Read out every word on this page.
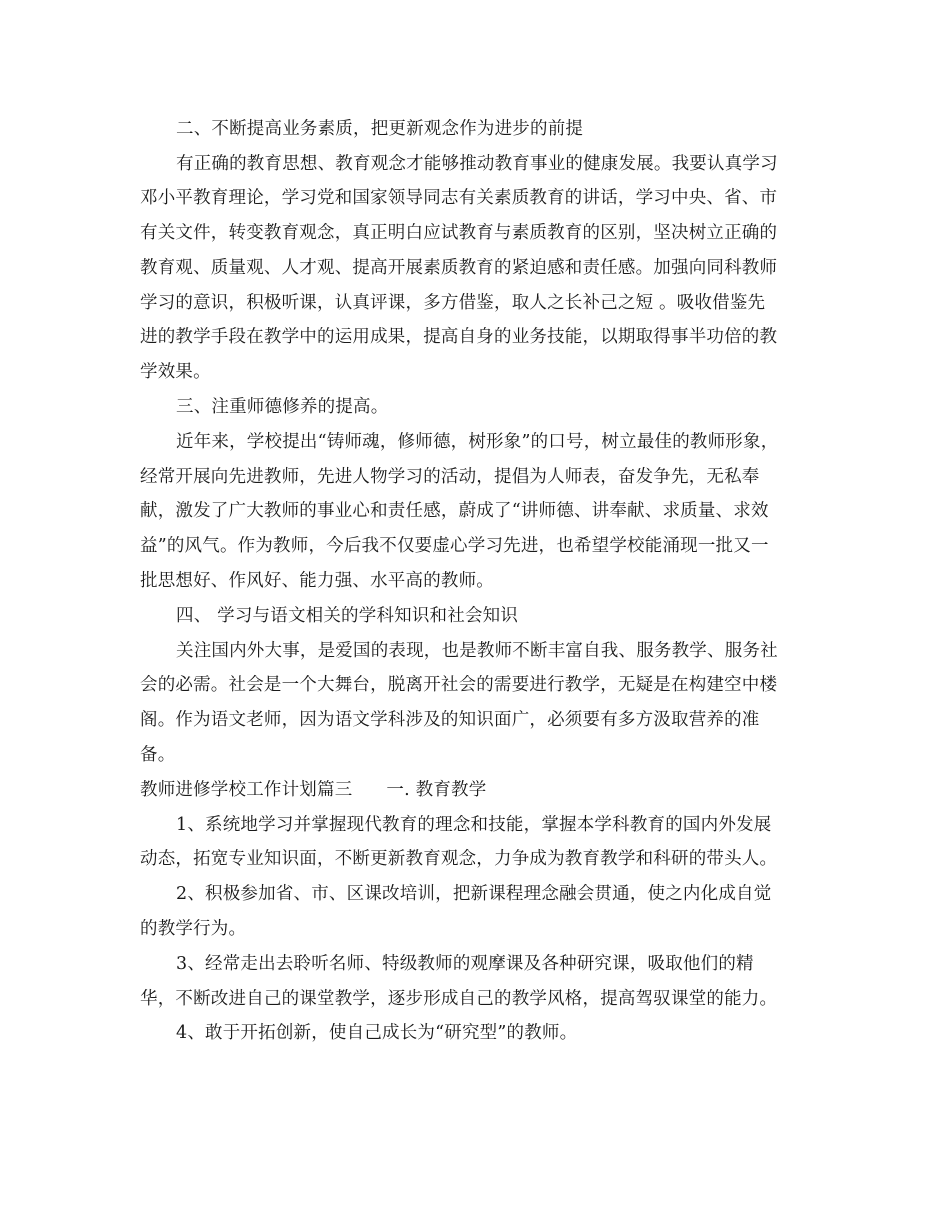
二、不断提高业务素质，把更新观念作为进步的前提
有正确的教育思想、教育观念才能够推动教育事业的健康发展。我要认真学习
邓小平教育理论，学习党和国家领导同志有关素质教育的讲话，学习中央、省、市
有关文件，转变教育观念，真正明白应试教育与素质教育的区别，坚决树立正确的
教育观、质量观、人才观、提高开展素质教育的紧迫感和责任感。加强向同科教师
学习的意识，积极听课，认真评课，多方借鉴，取人之长补己之短 。吸收借鉴先
进的教学手段在教学中的运用成果，提高自身的业务技能，以期取得事半功倍的教
学效果。
三、注重师德修养的提高。
近年来，学校提出“铸师魂，修师德，树形象”的口号，树立最佳的教师形象，
经常开展向先进教师，先进人物学习的活动，提倡为人师表，奋发争先，无私奉
献，激发了广大教师的事业心和责任感，蔚成了“讲师德、讲奉献、求质量、求效
益”的风气。作为教师，今后我不仅要虚心学习先进，也希望学校能涌现一批又一
批思想好、作风好、能力强、水平高的教师。
四、 学习与语文相关的学科知识和社会知识
关注国内外大事，是爱国的表现，也是教师不断丰富自我、服务教学、服务社
会的必需。社会是一个大舞台，脱离开社会的需要进行教学，无疑是在构建空中楼
阁。作为语文老师，因为语文学科涉及的知识面广，必须要有多方汲取营养的准
备。
教师进修学校工作计划篇三 一. 教育教学
1、系统地学习并掌握现代教育的理念和技能，掌握本学科教育的国内外发展
动态，拓宽专业知识面，不断更新教育观念，力争成为教育教学和科研的带头人。
2、积极参加省、市、区课改培训，把新课程理念融会贯通，使之内化成自觉
的教学行为。
3、经常走出去聆听名师、特级教师的观摩课及各种研究课，吸取他们的精
华，不断改进自己的课堂教学，逐步形成自己的教学风格，提高驾驭课堂的能力。
4、敢于开拓创新，使自己成长为“研究型”的教师。
